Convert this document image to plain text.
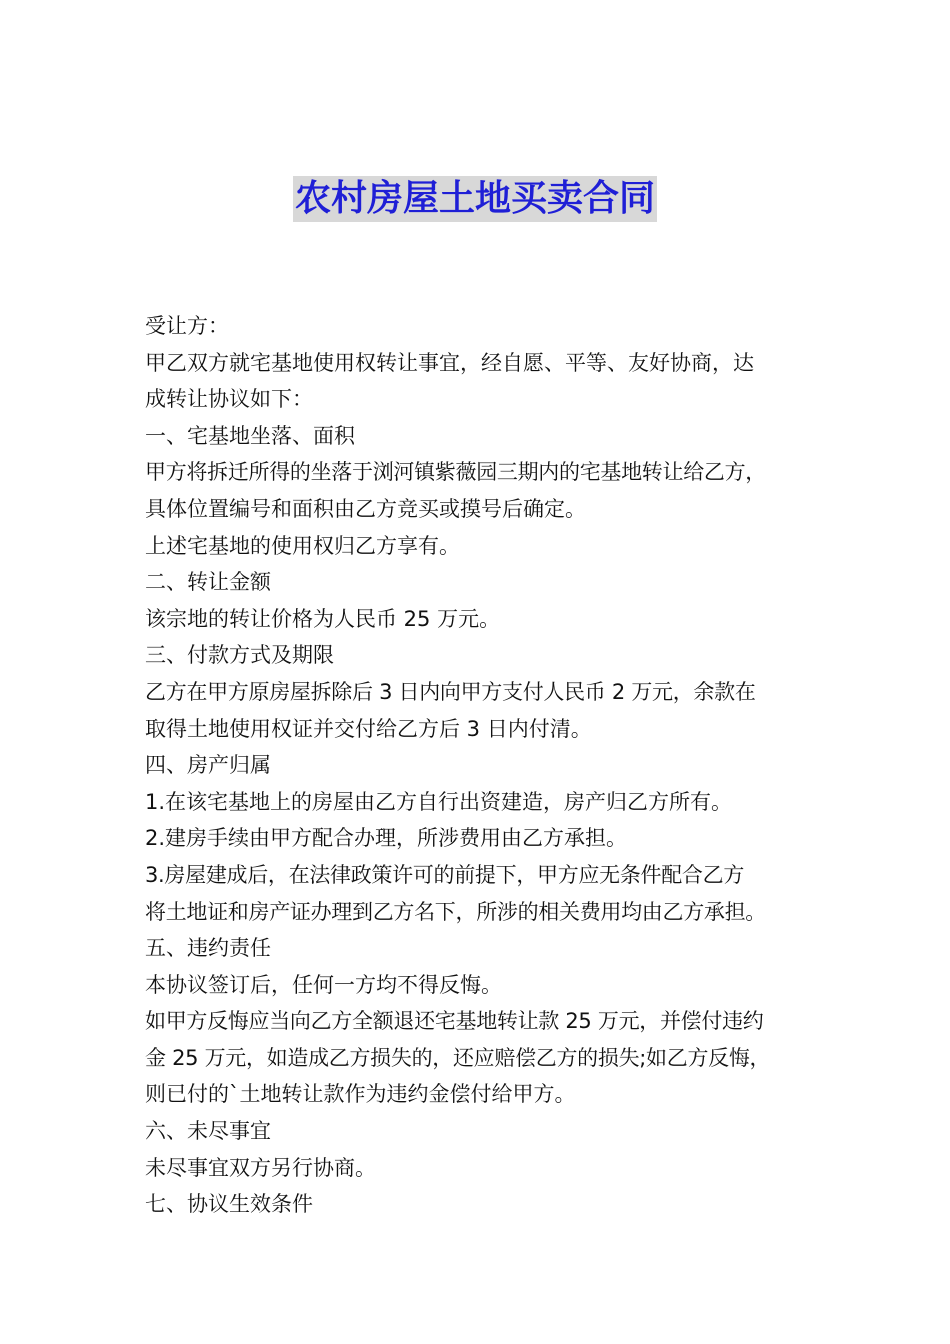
农村房屋土地买卖合同
受让方：
甲乙双方就宅基地使用权转让事宜，经自愿、平等、友好协商，达
成转让协议如下：
一、宅基地坐落、面积
甲方将拆迁所得的坐落于浏河镇紫薇园三期内的宅基地转让给乙方，
具体位置编号和面积由乙方竞买或摸号后确定。
上述宅基地的使用权归乙方享有。
二、转让金额
该宗地的转让价格为人民币 25 万元。
三、付款方式及期限
乙方在甲方原房屋拆除后 3 日内向甲方支付人民币 2 万元，余款在
取得土地使用权证并交付给乙方后 3 日内付清。
四、房产归属
1.在该宅基地上的房屋由乙方自行出资建造，房产归乙方所有。
2.建房手续由甲方配合办理，所涉费用由乙方承担。
3.房屋建成后，在法律政策许可的前提下，甲方应无条件配合乙方
将土地证和房产证办理到乙方名下，所涉的相关费用均由乙方承担。
五、违约责任
本协议签订后，任何一方均不得反悔。
如甲方反悔应当向乙方全额退还宅基地转让款 25 万元，并偿付违约
金 25 万元，如造成乙方损失的，还应赔偿乙方的损失;如乙方反悔，
则已付的`土地转让款作为违约金偿付给甲方。
六、未尽事宜
未尽事宜双方另行协商。
七、协议生效条件
